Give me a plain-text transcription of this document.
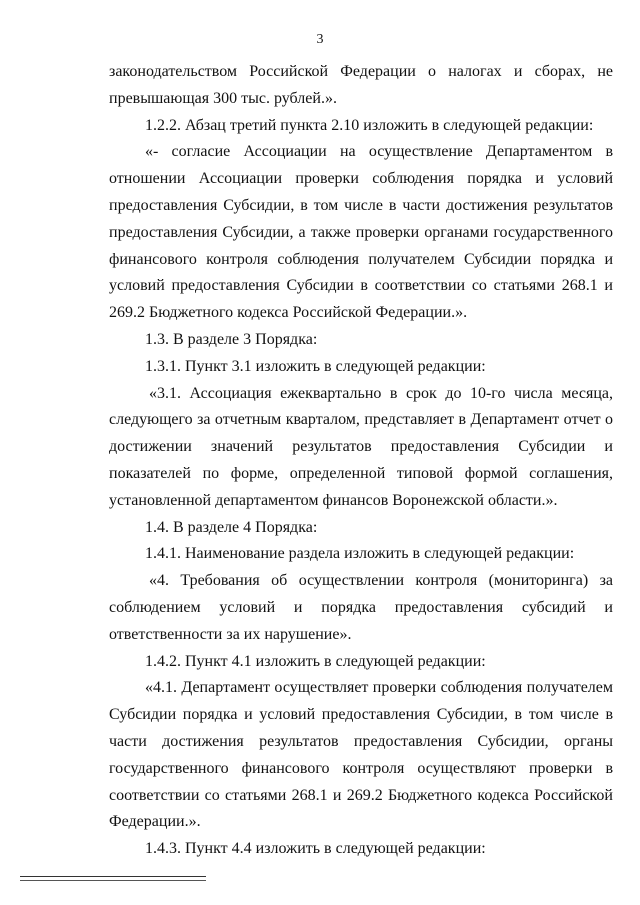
3

законодательством Российской Федерации о налогах и сборах, не превышающая 300 тыс. рублей.».

1.2.2. Абзац третий пункта 2.10 изложить в следующей редакции:

«- согласие Ассоциации на осуществление Департаментом в отношении Ассоциации проверки соблюдения порядка и условий предоставления Субсидии, в том числе в части достижения результатов предоставления Субсидии, а также проверки органами государственного финансового контроля соблюдения получателем Субсидии порядка и условий предоставления Субсидии в соответствии со статьями 268.1 и 269.2 Бюджетного кодекса Российской Федерации.».

1.3. В разделе 3 Порядка:

1.3.1. Пункт 3.1 изложить в следующей редакции:

«3.1. Ассоциация ежеквартально в срок до 10-го числа месяца, следующего за отчетным кварталом, представляет в Департамент отчет о достижении значений результатов предоставления Субсидии и показателей по форме, определенной типовой формой соглашения, установленной департаментом финансов Воронежской области.».

1.4. В разделе 4 Порядка:

1.4.1. Наименование раздела изложить в следующей редакции:

«4. Требования об осуществлении контроля (мониторинга) за соблюдением условий и порядка предоставления субсидий и ответственности за их нарушение».

1.4.2. Пункт 4.1 изложить в следующей редакции:

«4.1. Департамент осуществляет проверки соблюдения получателем Субсидии порядка и условий предоставления Субсидии, в том числе в части достижения результатов предоставления Субсидии, органы государственного финансового контроля осуществляют проверки в соответствии со статьями 268.1 и 269.2 Бюджетного кодекса Российской Федерации.».

1.4.3. Пункт 4.4 изложить в следующей редакции:
